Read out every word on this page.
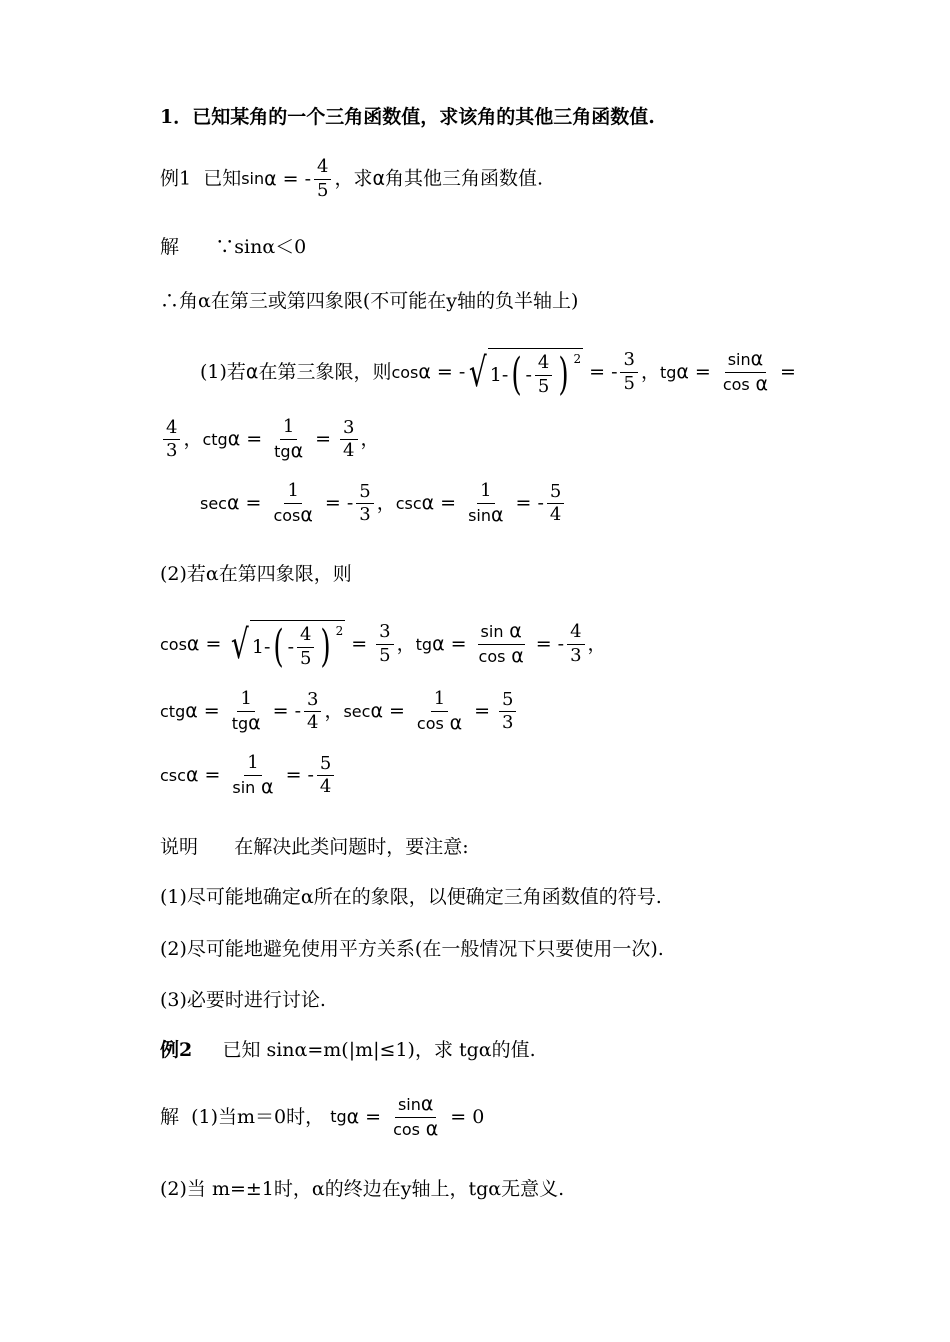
1．已知某角的一个三角函数值，求该角的其他三角函数值.
例1 已知 sin α = - $\frac{4}{5}$ ，求α角其他三角函数值.
解 ∵sinα＜0
∴角α在第三或第四象限(不可能在y轴的负半轴上)
(1)若 α 在第三象限，则 cos α = - √ 1 - ( - $\frac{4}{5}$ ) 2
= - $\frac{3}{5}$ ， tg $\alpha = \frac{\sin\alpha}{\text{cos α}}$ =
$\frac{4}{3}$ ， ctg $\alpha = \frac{1}{\text{tgα}} = \frac{3}{4}$ ，
$\sec \alpha = \frac{1}{\cos\alpha}$ = - $\frac{5}{3}$ ， $\csc \alpha = \frac{1}{\sin\alpha}$ = - $\frac{5}{4}$
(2)若α在第四象限，则
cos α = √ 1 - ( - $\frac{4}{5}$ ) 2
= $\frac{3}{5}$ ， tg $\alpha = \frac{\text{sin α}}{\text{cos α}}$ = - $\frac{4}{3}$ ，
ctg $\alpha = \frac{1}{\text{tgα}}$ = - $\frac{3}{4}$ ， $\sec \alpha = \frac{1}{\text{cos α}} = \frac{5}{3}$
$\csc \alpha = \frac{1}{\text{sin α}}$ = - $\frac{5}{4}$
说明 在解决此类问题时，要注意:
(1)尽可能地确定α所在的象限，以便确定三角函数值的符号.
(2)尽可能地避免使用平方关系(在一般情况下只要使用一次).
(3)必要时进行讨论.
例2 已知 sinα=m(|m|≤1)，求 tgα的值.
解
(1)当 m＝0时，
tg $\alpha = \frac{\sin\alpha}{\text{cos α}} = 0$
(2)当 m=±1时，α的终边在y轴上，tgα无意义.
